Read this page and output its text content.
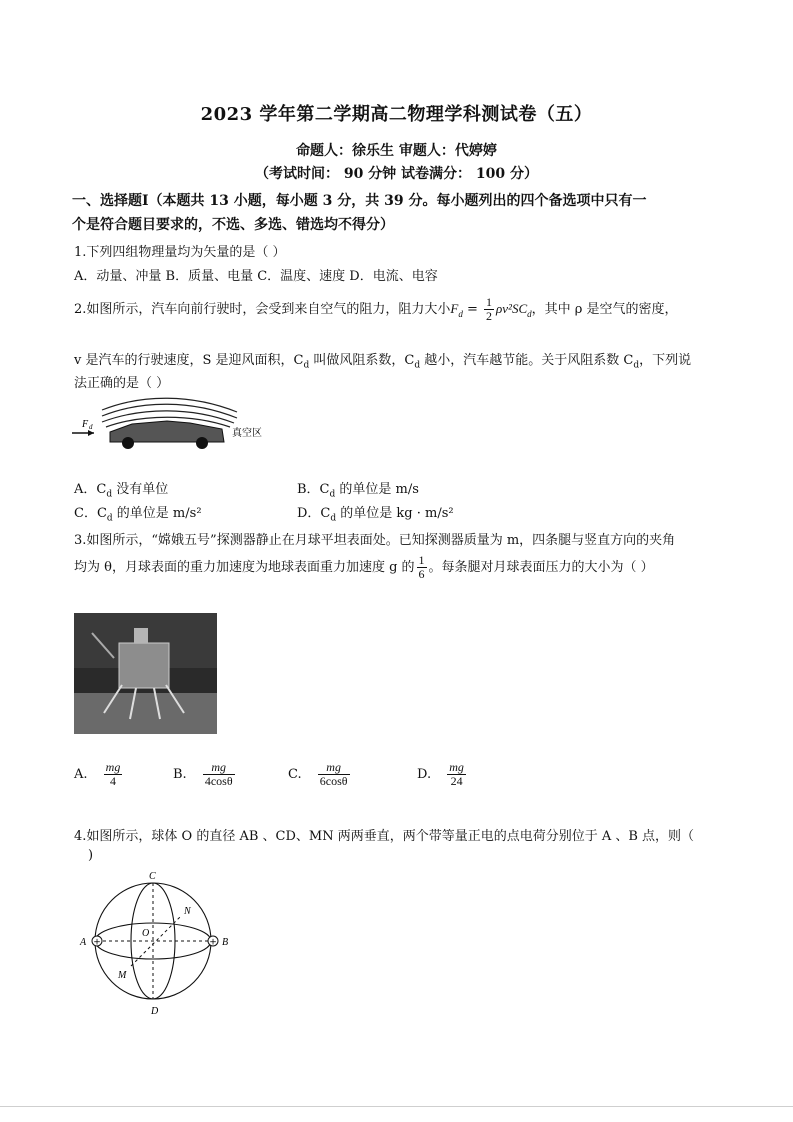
2023 学年第二学期高二物理学科测试卷（五）
命题人：徐乐生 审题人：代婷婷
（考试时间： 90 分钟 试卷满分： 100 分）
一、选择题Ⅰ（本题共 13 小题，每小题 3 分，共 39 分。每小题列出的四个备选项中只有一
个是符合题目要求的，不选、多选、错选均不得分）
1.下列四组物理量均为矢量的是（ ）
A．动量、冲量 B．质量、电量 C．温度、速度 D．电流、电容
2.如图所示，汽车向前行驶时，会受到来自空气的阻力，阻力大小$F_d = \frac{1}{2} \rho v^2SC_d$，其中 ρ 是空气的密度，
v 是汽车的行驶速度，S 是迎风面积，$C_d$ 叫做风阻系数，$C_d$ 越小，汽车越节能。关于风阻系数 $C_d$，下列说
法正确的是（ ）
F d
真空区
A．$C_d$ 没有单位	B．$C_d$ 的单位是 m/s
C．$C_d$ 的单位是 m/s²	D．$C_d$ 的单位是 kg · m/s²
3.如图所示，“嫦娥五号”探测器静止在月球平坦表面处。已知探测器质量为 m，四条腿与竖直方向的夹角
均为 θ，月球表面的重力加速度为地球表面重力加速度 g 的 $\frac{1}{6}$ 。每条腿对月球表面压力的大小为（ ）
A. $\frac{mg}{4}$	B. $\frac{mg}{4\cos\theta}$	C. $\frac{mg}{6\cos\theta}$	D. $\frac{mg}{24}$
4.如图所示，球体 O 的直径 AB 、CD、MN 两两垂直，两个带等量正电的点电荷分别位于 A 、B 点，则（
)
+	+
C
D
A	B
N
M
O
